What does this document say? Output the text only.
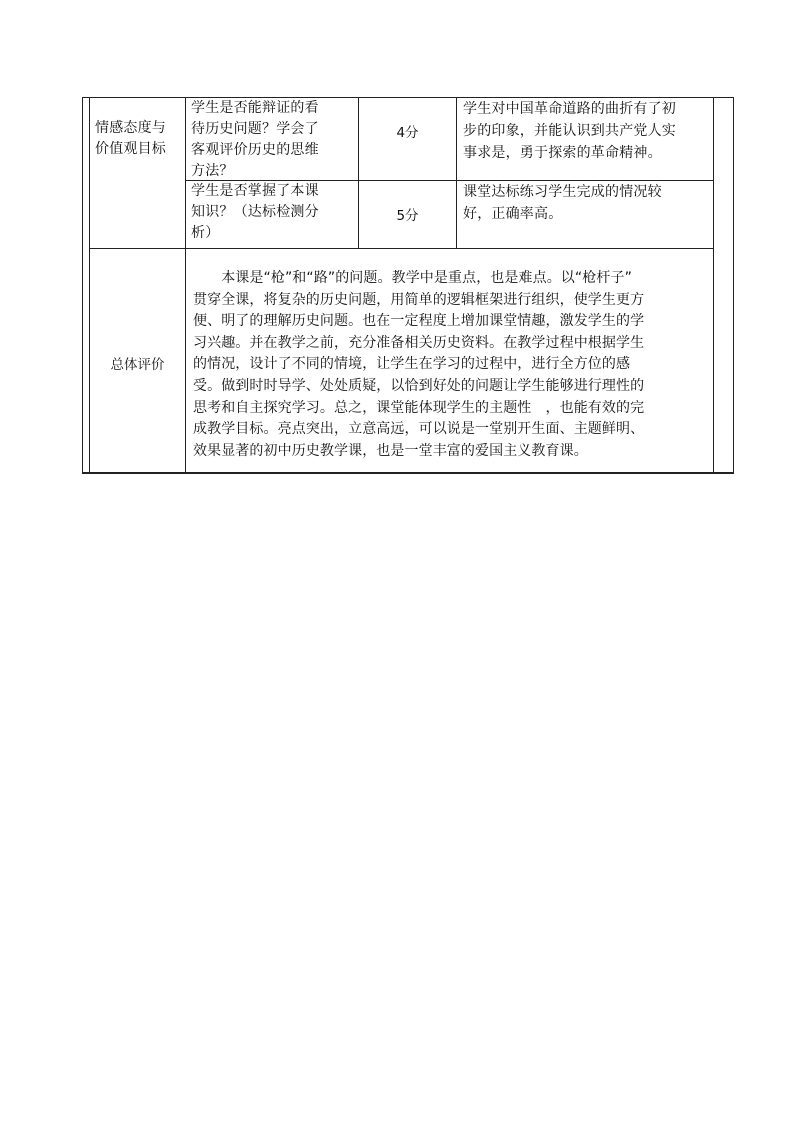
情感态度与
价值观目标
学生是否能辩证的看
待历史问题？学会了
客观评价历史的思维
方法？
4分
学生对中国革命道路的曲折有了初
步的印象，并能认识到共产党人实
事求是，勇于探索的革命精神。
学生是否掌握了本课
知识？（达标检测分
析）
5分
课堂达标练习学生完成的情况较
好，正确率高。
总体评价
　　本课是“枪”和“路”的问题。教学中是重点，也是难点。以“枪杆子”
贯穿全课，将复杂的历史问题，用简单的逻辑框架进行组织，使学生更方
便、明了的理解历史问题。也在一定程度上增加课堂情趣，激发学生的学
习兴趣。并在教学之前，充分准备相关历史资料。在教学过程中根据学生
的情况，设计了不同的情境，让学生在学习的过程中，进行全方位的感
受。做到时时导学、处处质疑，以恰到好处的问题让学生能够进行理性的
思考和自主探究学习。总之，课堂能体现学生的主题性　，也能有效的完
成教学目标。亮点突出，立意高远，可以说是一堂别开生面、主题鲜明、
效果显著的初中历史教学课，也是一堂丰富的爱国主义教育课。
